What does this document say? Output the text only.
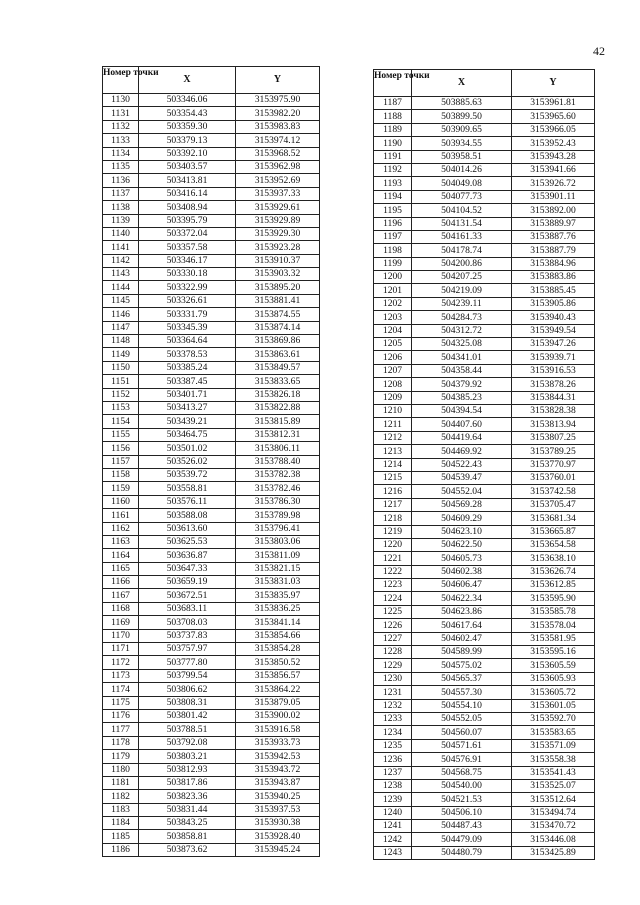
42
Номер точки	X	Y
1130	503346.06	3153975.90
1131	503354.43	3153982.20
1132	503359.30	3153983.83
1133	503379.13	3153974.12
1134	503392.10	3153968.52
1135	503403.57	3153962.98
1136	503413.81	3153952.69
1137	503416.14	3153937.33
1138	503408.94	3153929.61
1139	503395.79	3153929.89
1140	503372.04	3153929.30
1141	503357.58	3153923.28
1142	503346.17	3153910.37
1143	503330.18	3153903.32
1144	503322.99	3153895.20
1145	503326.61	3153881.41
1146	503331.79	3153874.55
1147	503345.39	3153874.14
1148	503364.64	3153869.86
1149	503378.53	3153863.61
1150	503385.24	3153849.57
1151	503387.45	3153833.65
1152	503401.71	3153826.18
1153	503413.27	3153822.88
1154	503439.21	3153815.89
1155	503464.75	3153812.31
1156	503501.02	3153806.11
1157	503526.02	3153788.40
1158	503539.72	3153782.38
1159	503558.81	3153782.46
1160	503576.11	3153786.30
1161	503588.08	3153789.98
1162	503613.60	3153796.41
1163	503625.53	3153803.06
1164	503636.87	3153811.09
1165	503647.33	3153821.15
1166	503659.19	3153831.03
1167	503672.51	3153835.97
1168	503683.11	3153836.25
1169	503708.03	3153841.14
1170	503737.83	3153854.66
1171	503757.97	3153854.28
1172	503777.80	3153850.52
1173	503799.54	3153856.57
1174	503806.62	3153864.22
1175	503808.31	3153879.05
1176	503801.42	3153900.02
1177	503788.51	3153916.58
1178	503792.08	3153933.73
1179	503803.21	3153942.53
1180	503812.93	3153943.72
1181	503817.86	3153943.87
1182	503823.36	3153940.25
1183	503831.44	3153937.53
1184	503843.25	3153930.38
1185	503858.81	3153928.40
1186	503873.62	3153945.24
Номер точки	X	Y
1187	503885.63	3153961.81
1188	503899.50	3153965.60
1189	503909.65	3153966.05
1190	503934.55	3153952.43
1191	503958.51	3153943.28
1192	504014.26	3153941.66
1193	504049.08	3153926.72
1194	504077.73	3153901.11
1195	504104.52	3153892.00
1196	504131.54	3153889.97
1197	504161.33	3153887.76
1198	504178.74	3153887.79
1199	504200.86	3153884.96
1200	504207.25	3153883.86
1201	504219.09	3153885.45
1202	504239.11	3153905.86
1203	504284.73	3153940.43
1204	504312.72	3153949.54
1205	504325.08	3153947.26
1206	504341.01	3153939.71
1207	504358.44	3153916.53
1208	504379.92	3153878.26
1209	504385.23	3153844.31
1210	504394.54	3153828.38
1211	504407.60	3153813.94
1212	504419.64	3153807.25
1213	504469.92	3153789.25
1214	504522.43	3153770.97
1215	504539.47	3153760.01
1216	504552.04	3153742.58
1217	504569.28	3153705.47
1218	504609.29	3153681.34
1219	504623.10	3153665.87
1220	504622.50	3153654.58
1221	504605.73	3153638.10
1222	504602.38	3153626.74
1223	504606.47	3153612.85
1224	504622.34	3153595.90
1225	504623.86	3153585.78
1226	504617.64	3153578.04
1227	504602.47	3153581.95
1228	504589.99	3153595.16
1229	504575.02	3153605.59
1230	504565.37	3153605.93
1231	504557.30	3153605.72
1232	504554.10	3153601.05
1233	504552.05	3153592.70
1234	504560.07	3153583.65
1235	504571.61	3153571.09
1236	504576.91	3153558.38
1237	504568.75	3153541.43
1238	504540.00	3153525.07
1239	504521.53	3153512.64
1240	504506.10	3153494.74
1241	504487.43	3153470.72
1242	504479.09	3153446.08
1243	504480.79	3153425.89
